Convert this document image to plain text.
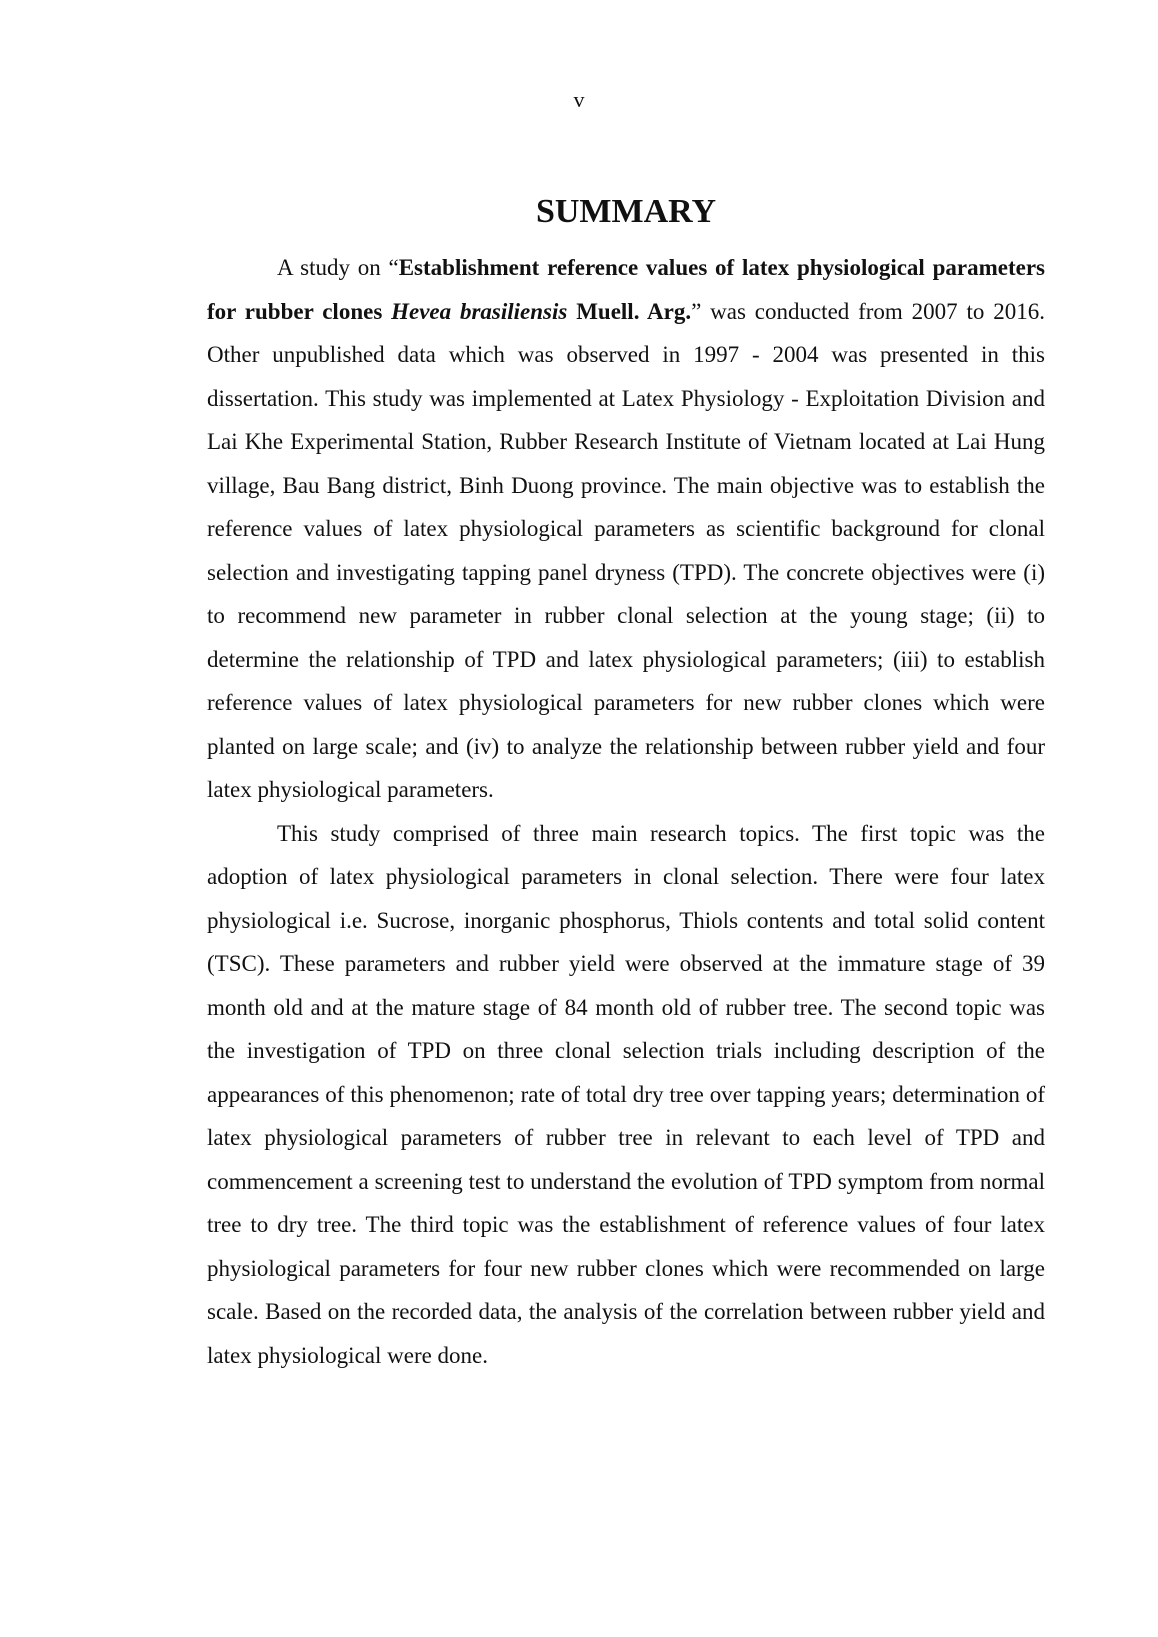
v
SUMMARY

A study on “Establishment reference values of latex physiological parameters for rubber clones Hevea brasiliensis Muell. Arg.” was conducted from 2007 to 2016. Other unpublished data which was observed in 1997 - 2004 was presented in this dissertation. This study was implemented at Latex Physiology - Exploitation Division and Lai Khe Experimental Station, Rubber Research Institute of Vietnam located at Lai Hung village, Bau Bang district, Binh Duong province. The main objective was to establish the reference values of latex physiological parameters as scientific background for clonal selection and investigating tapping panel dryness (TPD). The concrete objectives were (i) to recommend new parameter in rubber clonal selection at the young stage; (ii) to determine the relationship of TPD and latex physiological parameters; (iii) to establish reference values of latex physiological parameters for new rubber clones which were planted on large scale; and (iv) to analyze the relationship between rubber yield and four latex physiological parameters.

This study comprised of three main research topics. The first topic was the adoption of latex physiological parameters in clonal selection. There were four latex physiological i.e. Sucrose, inorganic phosphorus, Thiols contents and total solid content (TSC). These parameters and rubber yield were observed at the immature stage of 39 month old and at the mature stage of 84 month old of rubber tree. The second topic was the investigation of TPD on three clonal selection trials including description of the appearances of this phenomenon; rate of total dry tree over tapping years; determination of latex physiological parameters of rubber tree in relevant to each level of TPD and commencement a screening test to understand the evolution of TPD symptom from normal tree to dry tree. The third topic was the establishment of reference values of four latex physiological parameters for four new rubber clones which were recommended on large scale. Based on the recorded data, the analysis of the correlation between rubber yield and latex physiological were done.
